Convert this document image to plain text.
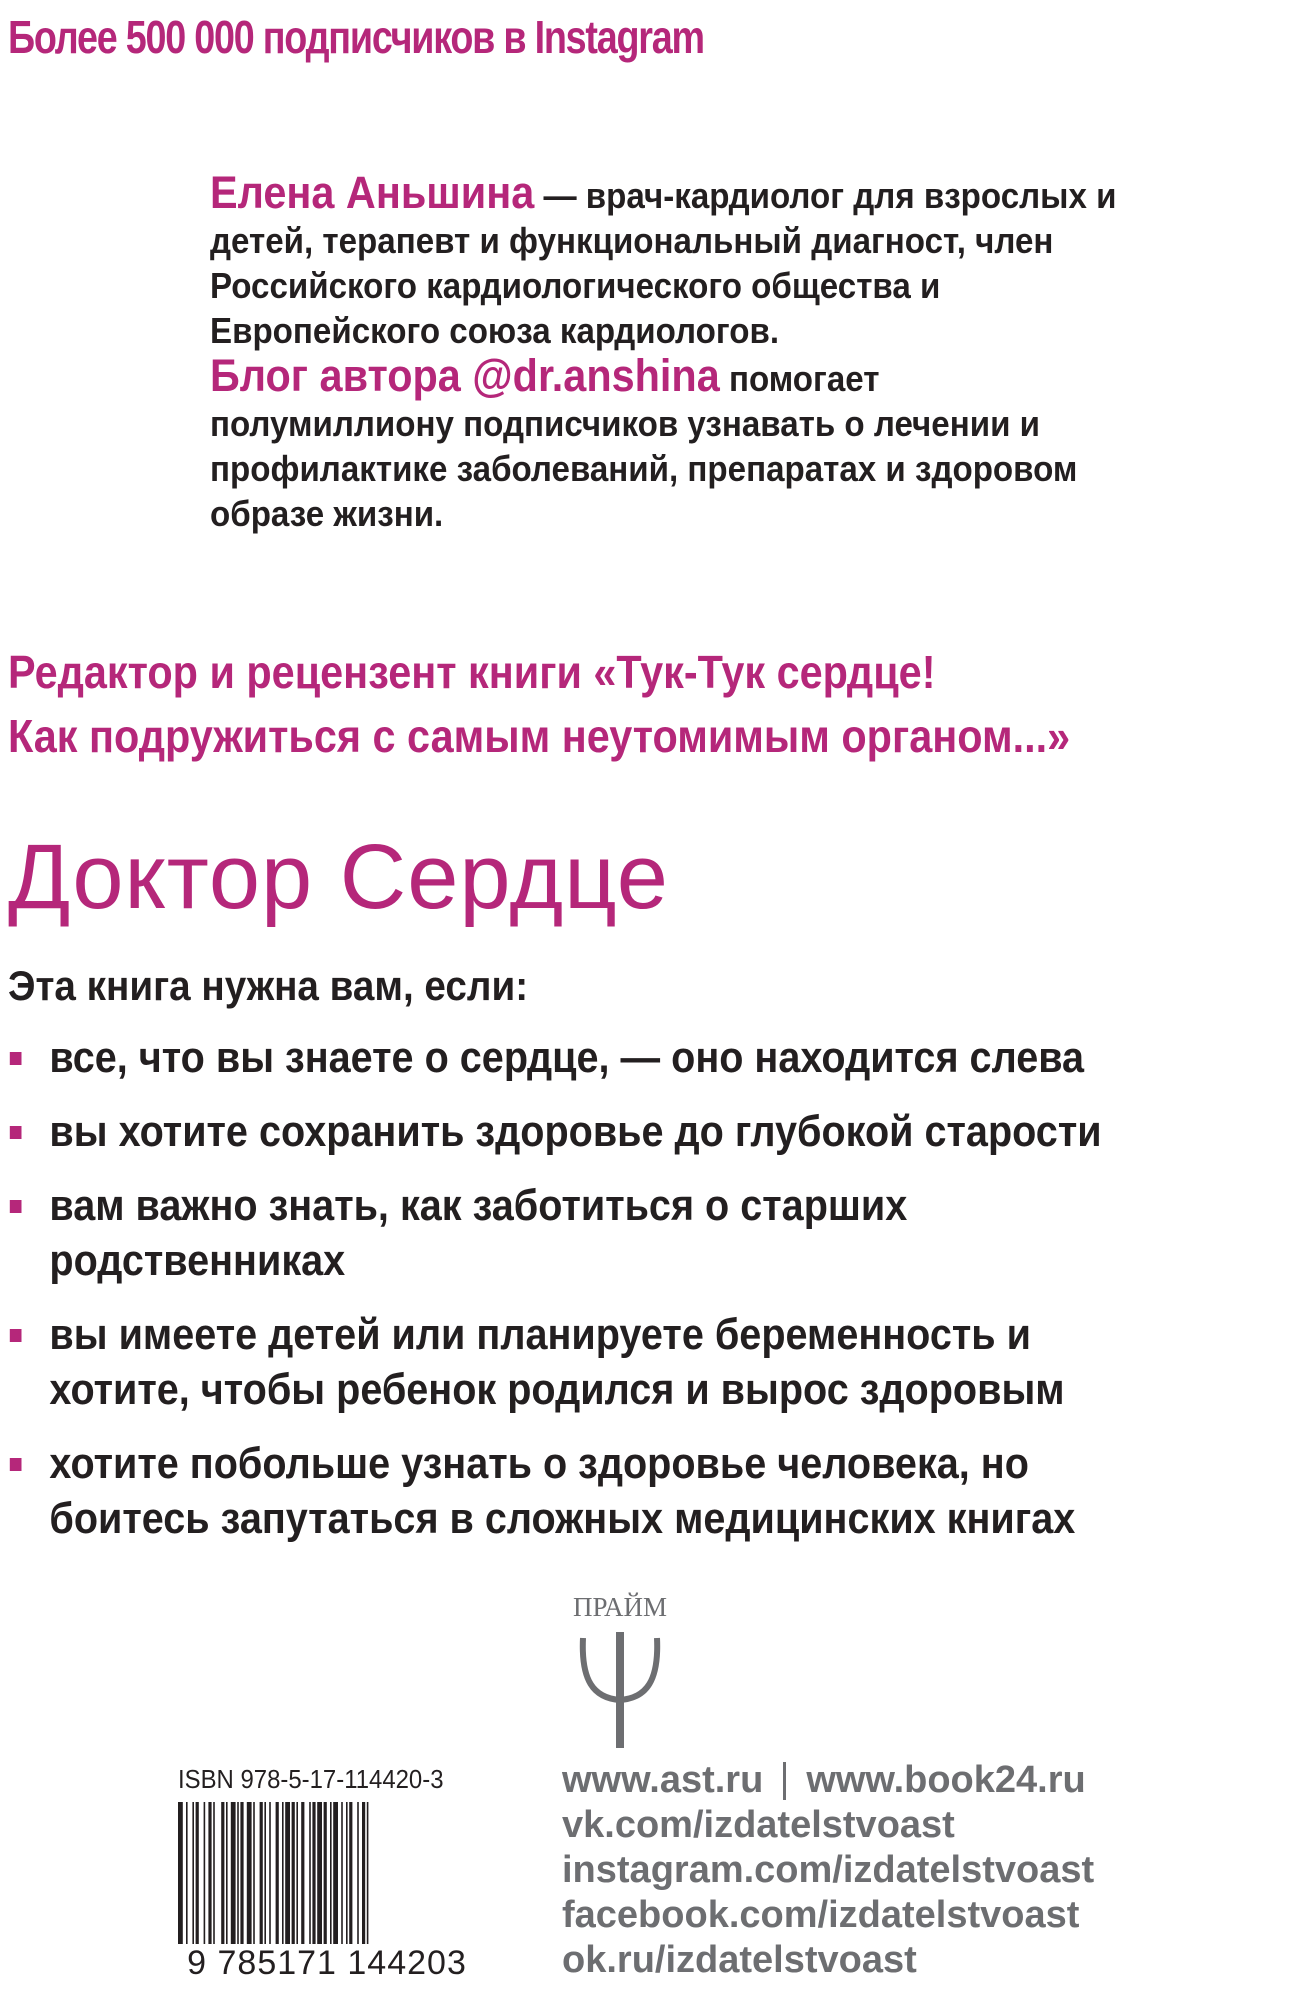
Более 500 000 подписчиков в Instagram

Елена Аньшина — врач-кардиолог для взрослых и детей, терапевт и функциональный диагност, член Российского кардиологического общества и Европейского союза кардиологов.
Блог автора @dr.anshina помогает полумиллиону подписчиков узнавать о лечении и профилактике заболеваний, препаратах и здоровом образе жизни.

Редактор и рецензент книги «Тук-Тук сердце!
Как подружиться с самым неутомимым органом...»

Доктор Сердце

Эта книга нужна вам, если:

все, что вы знаете о сердце, — оно находится слева
вы хотите сохранить здоровье до глубокой старости
вам важно знать, как заботиться о старших родственниках
вы имеете детей или планируете беременность и хотите, чтобы ребенок родился и вырос здоровым
хотите побольше узнать о здоровье человека, но боитесь запутаться в сложных медицинских книгах
ПРАЙМ

ISBN 978-5-17-114420-3

9 785171 144203

www.ast.ru www.book24.ru
vk.com/izdatelstvoast
instagram.com/izdatelstvoast
facebook.com/izdatelstvoast
ok.ru/izdatelstvoast
